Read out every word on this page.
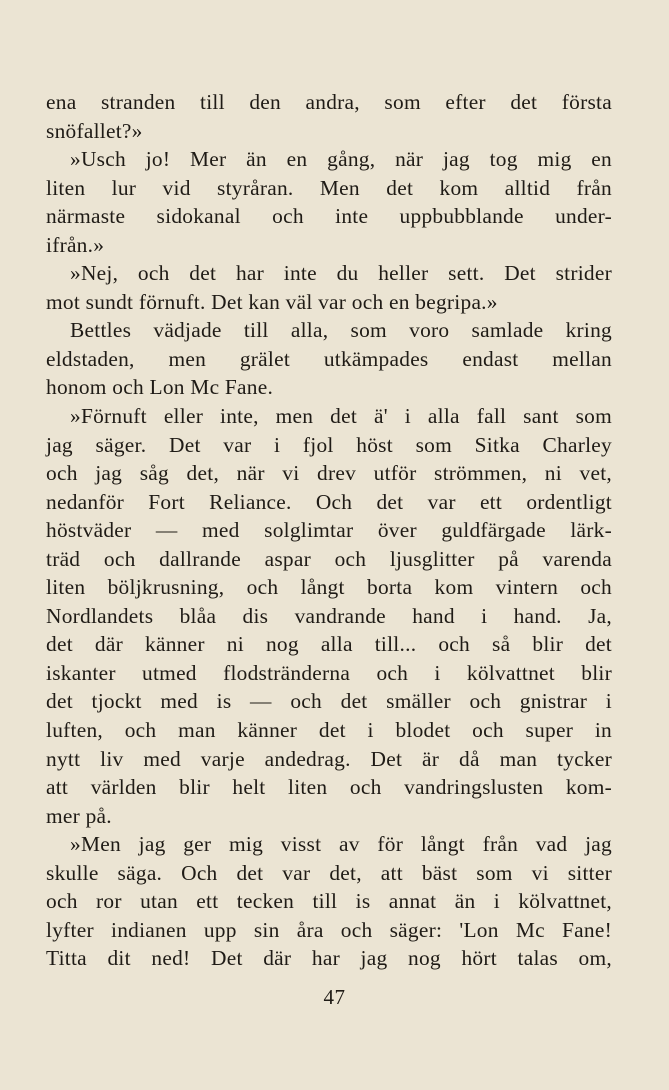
ena stranden till den andra, som efter det första
snöfallet?»
»Usch jo! Mer än en gång, när jag tog mig en
liten lur vid styråran. Men det kom alltid från
närmaste sidokanal och inte uppbubblande under-
ifrån.»
»Nej, och det har inte du heller sett. Det strider
mot sundt förnuft. Det kan väl var och en begripa.»
Bettles vädjade till alla, som voro samlade kring
eldstaden, men grälet utkämpades endast mellan
honom och Lon Mc Fane.
»Förnuft eller inte, men det ä' i alla fall sant som
jag säger. Det var i fjol höst som Sitka Charley
och jag såg det, när vi drev utför strömmen, ni vet,
nedanför Fort Reliance. Och det var ett ordentligt
höstväder — med solglimtar över guldfärgade lärk-
träd och dallrande aspar och ljusglitter på varenda
liten böljkrusning, och långt borta kom vintern och
Nordlandets blåa dis vandrande hand i hand. Ja,
det där känner ni nog alla till... och så blir det
iskanter utmed flodstränderna och i kölvattnet blir
det tjockt med is — och det smäller och gnistrar i
luften, och man känner det i blodet och super in
nytt liv med varje andedrag. Det är då man tycker
att världen blir helt liten och vandringslusten kom-
mer på.
»Men jag ger mig visst av för långt från vad jag
skulle säga. Och det var det, att bäst som vi sitter
och ror utan ett tecken till is annat än i kölvattnet,
lyfter indianen upp sin åra och säger: 'Lon Mc Fane!
Titta dit ned! Det där har jag nog hört talas om,
47
